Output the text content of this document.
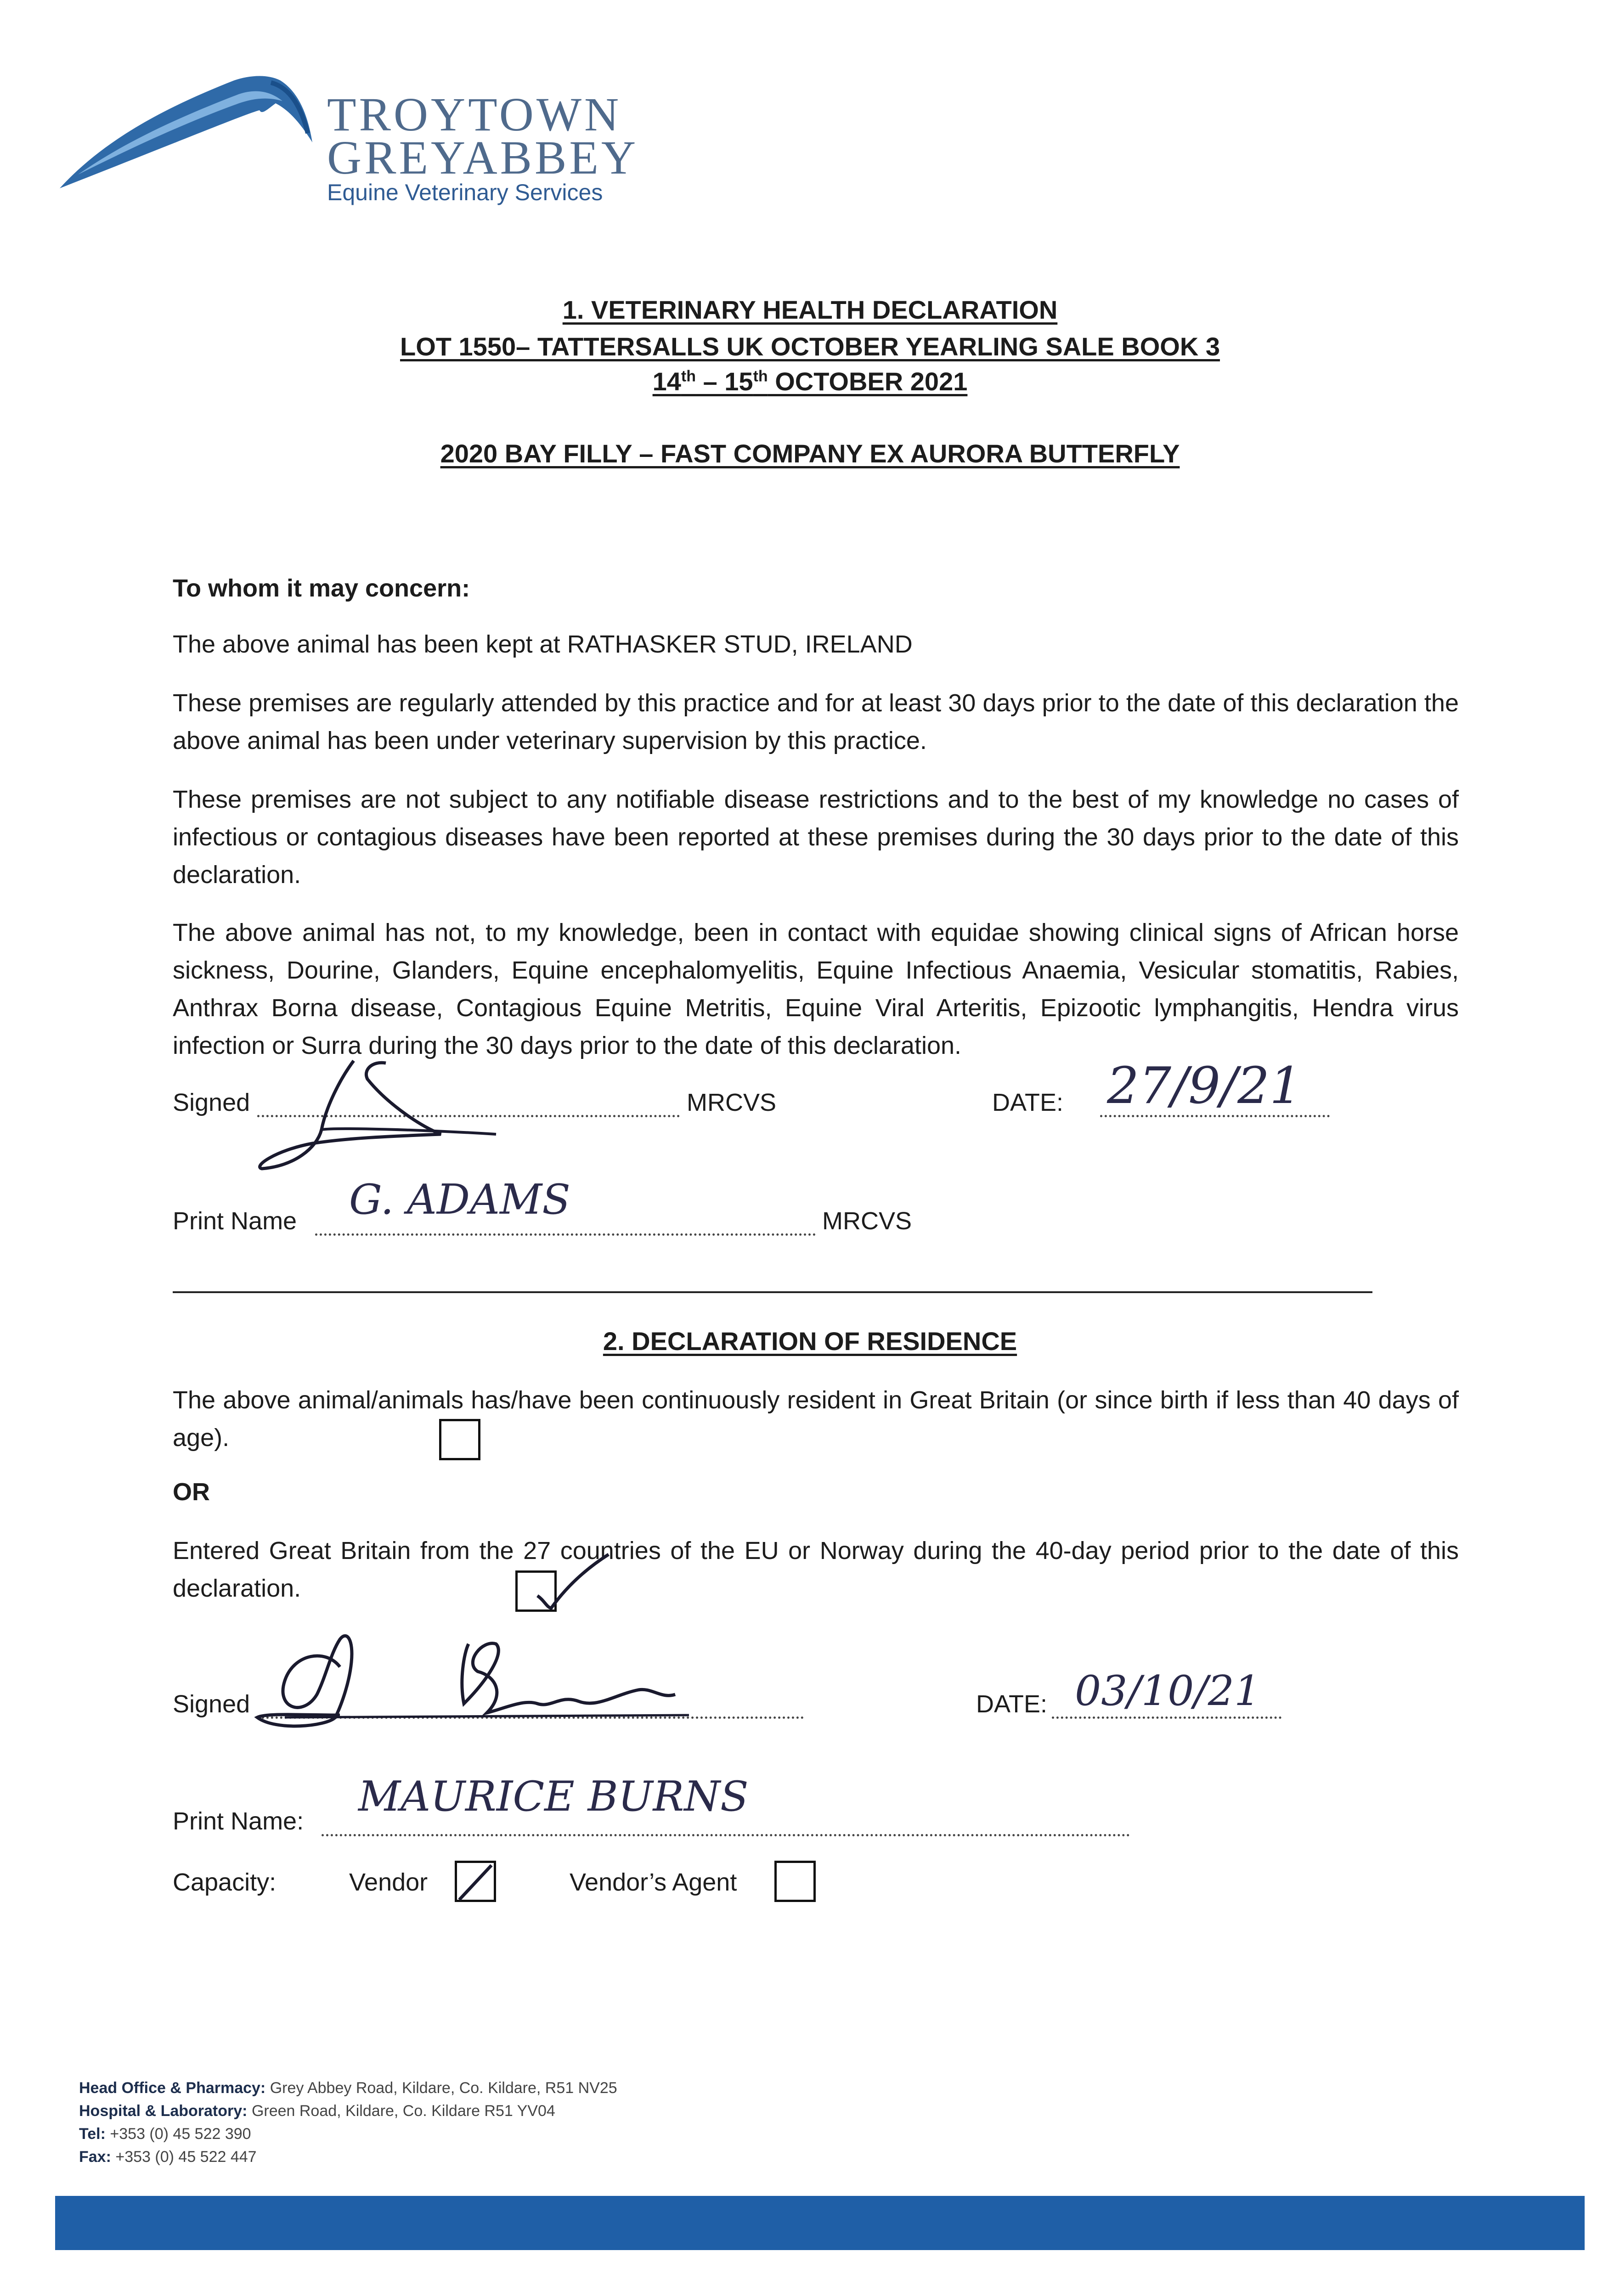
TROYTOWN
GREYABBEY
Equine Veterinary Services
1. VETERINARY HEALTH DECLARATION
LOT 1550– TATTERSALLS UK OCTOBER YEARLING SALE BOOK 3
14th – 15th OCTOBER 2021
2020 BAY FILLY – FAST COMPANY EX AURORA BUTTERFLY
To whom it may concern:
The above animal has been kept at RATHASKER STUD, IRELAND
These premises are regularly attended by this practice and for at least 30 days prior to the date of this declaration the above animal has been under veterinary supervision by this practice.
These premises are not subject to any notifiable disease restrictions and to the best of my knowledge no cases of infectious or contagious diseases have been reported at these premises during the 30 days prior to the date of this declaration.
The above animal has not, to my knowledge, been in contact with equidae showing clinical signs of African horse sickness, Dourine, Glanders, Equine encephalomyelitis, Equine Infectious Anaemia, Vesicular stomatitis, Rabies, Anthrax Borna disease, Contagious Equine Metritis, Equine Viral Arteritis, Epizootic lymphangitis, Hendra virus infection or Surra during the 30 days prior to the date of this declaration.
Signed	MRCVS	DATE: 27/9/21
Print Name G. ADAMS	MRCVS
2. DECLARATION OF RESIDENCE
The above animal/animals has/have been continuously resident in Great Britain (or since birth if less than 40 days of age).
OR
Entered Great Britain from the 27 countries of the EU or Norway during the 40-day period prior to the date of this declaration.
Signed	DATE: 03/10/21
Print Name:
MAURICE BURNS
Capacity:	Vendor	Vendor’s Agent
Head Office & Pharmacy: Grey Abbey Road, Kildare, Co. Kildare, R51 NV25
Hospital & Laboratory: Green Road, Kildare, Co. Kildare R51 YV04
Tel: +353 (0) 45 522 390
Fax: +353 (0) 45 522 447
